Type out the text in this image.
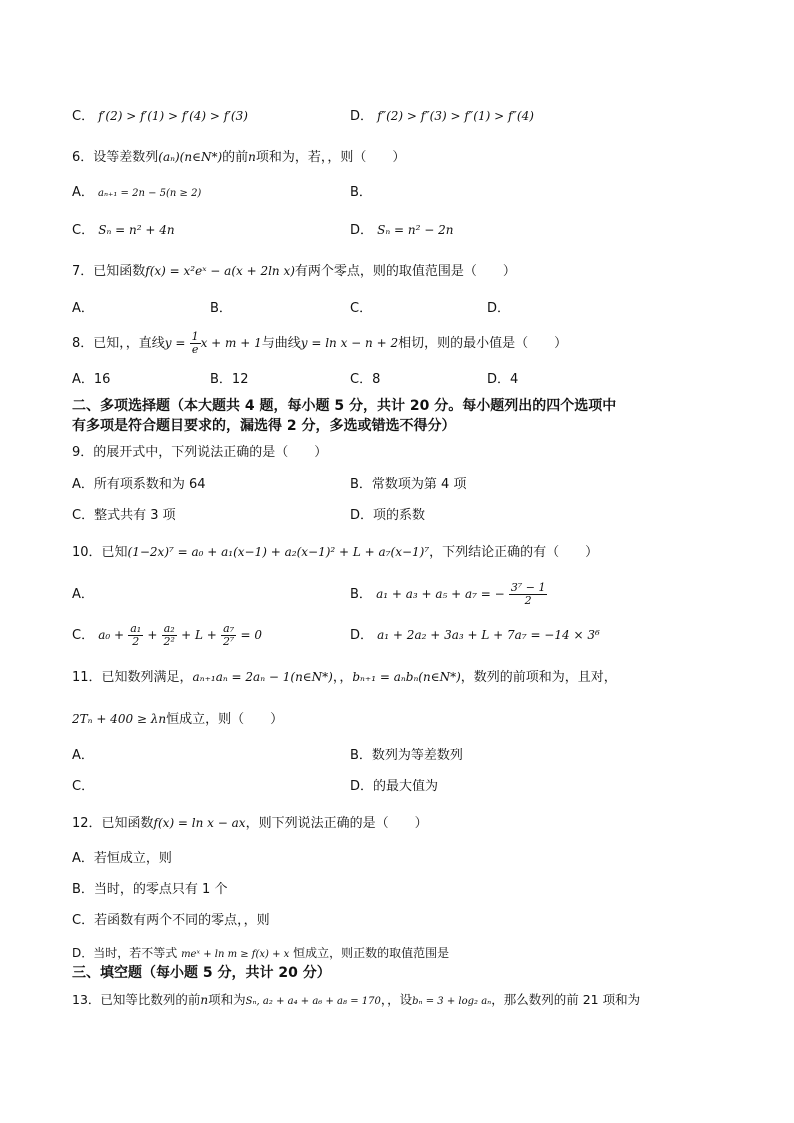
C． f′(2) > f′(1) > f′(4) > f′(3)	D． f″(2) > f″(3) > f″(1) > f″(4)
6．设等差数列(aₙ)(n∈N*)的前n项和为，若，，则（　　）
A． aₙ₊₁ = 2n − 5(n ≥ 2)	B．
C． Sₙ = n² + 4n	D． Sₙ = n² − 2n
7．已知函数f(x) = x²eˣ − a(x + 2ln x)有两个零点，则的取值范围是（　　）
A．	B．	C．	D．
8．已知，，直线$y = \frac{1}{e}$ x + m + 1与曲线y = ln x − n + 2相切，则的最小值是（　　）
A．16	B．12	C．8	D．4
二、多项选择题（本大题共 4 题，每小题 5 分，共计 20 分。每小题列出的四个选项中
有多项是符合题目要求的，漏选得 2 分，多选或错选不得分）
9．的展开式中，下列说法正确的是（　　）
A．所有项系数和为 64	B．常数项为第 4 项
C．整式共有 3 项	D．项的系数
10．已知(1−2x)⁷ = a₀ + a₁(x−1) + a₂(x−1)² + L + a₇(x−1)⁷，下列结论正确的有（　　）
A．	B． a₁ + a₃ + a₅ + a₇ = − $\frac{\text{3⁷ − 1}}{2}$
C． $a_0 + \frac{\text{a₁}}{2} + \frac{\text{a₂}}{\text{2²}} + L + \frac{\text{a₇}}{\text{2⁷}} = 0$	D． a₁ + 2a₂ + 3a₃ + L + 7a₇ = −14 × 3⁶
11．已知数列满足，aₙ₊₁aₙ = 2aₙ − 1(n∈N*)，，bₙ₊₁ = aₙbₙ(n∈N*)，数列的前项和为，且对，
2Tₙ + 400 ≥ λn恒成立，则（　　）
A．	B．数列为等差数列
C．	D．的最大值为
12．已知函数f(x) = ln x − ax，则下列说法正确的是（　　）
A．若恒成立，则
B．当时，的零点只有 1 个
C．若函数有两个不同的零点，，则
D．当时，若不等式 meˣ + ln m ≥ f(x) + x 恒成立，则正数的取值范围是
三、填空题（每小题 5 分，共计 20 分）
13．已知等比数列的前n项和为Sₙ, a₂ + a₄ + a₆ + a₈ = 170，，设bₙ = 3 + log₂ aₙ，那么数列的前 21 项和为
